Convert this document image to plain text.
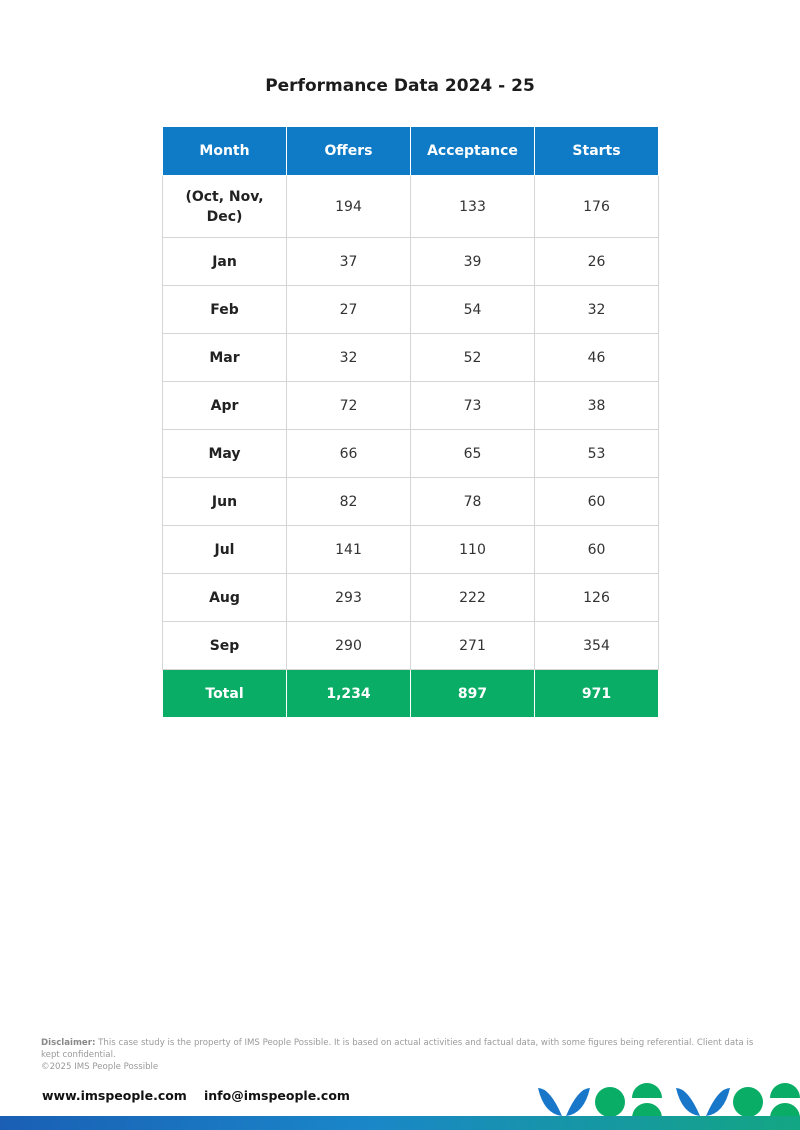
Performance Data 2024 - 25
Month	Offers	Acceptance	Starts

(Oct, Nov, Dec)	194	133	176
Jan	37	39	26
Feb	27	54	32
Mar	32	52	46
Apr	72	73	38
May	66	65	53
Jun	82	78	60
Jul	141	110	60
Aug	293	222	126
Sep	290	271	354
Total	1,234	897	971
Disclaimer: This case study is the property of IMS People Possible. It is based on actual activities and factual data, with some figures being referential. Client data is kept confidential.
©2025 IMS People Possible
www.imspeople.com info@imspeople.com
